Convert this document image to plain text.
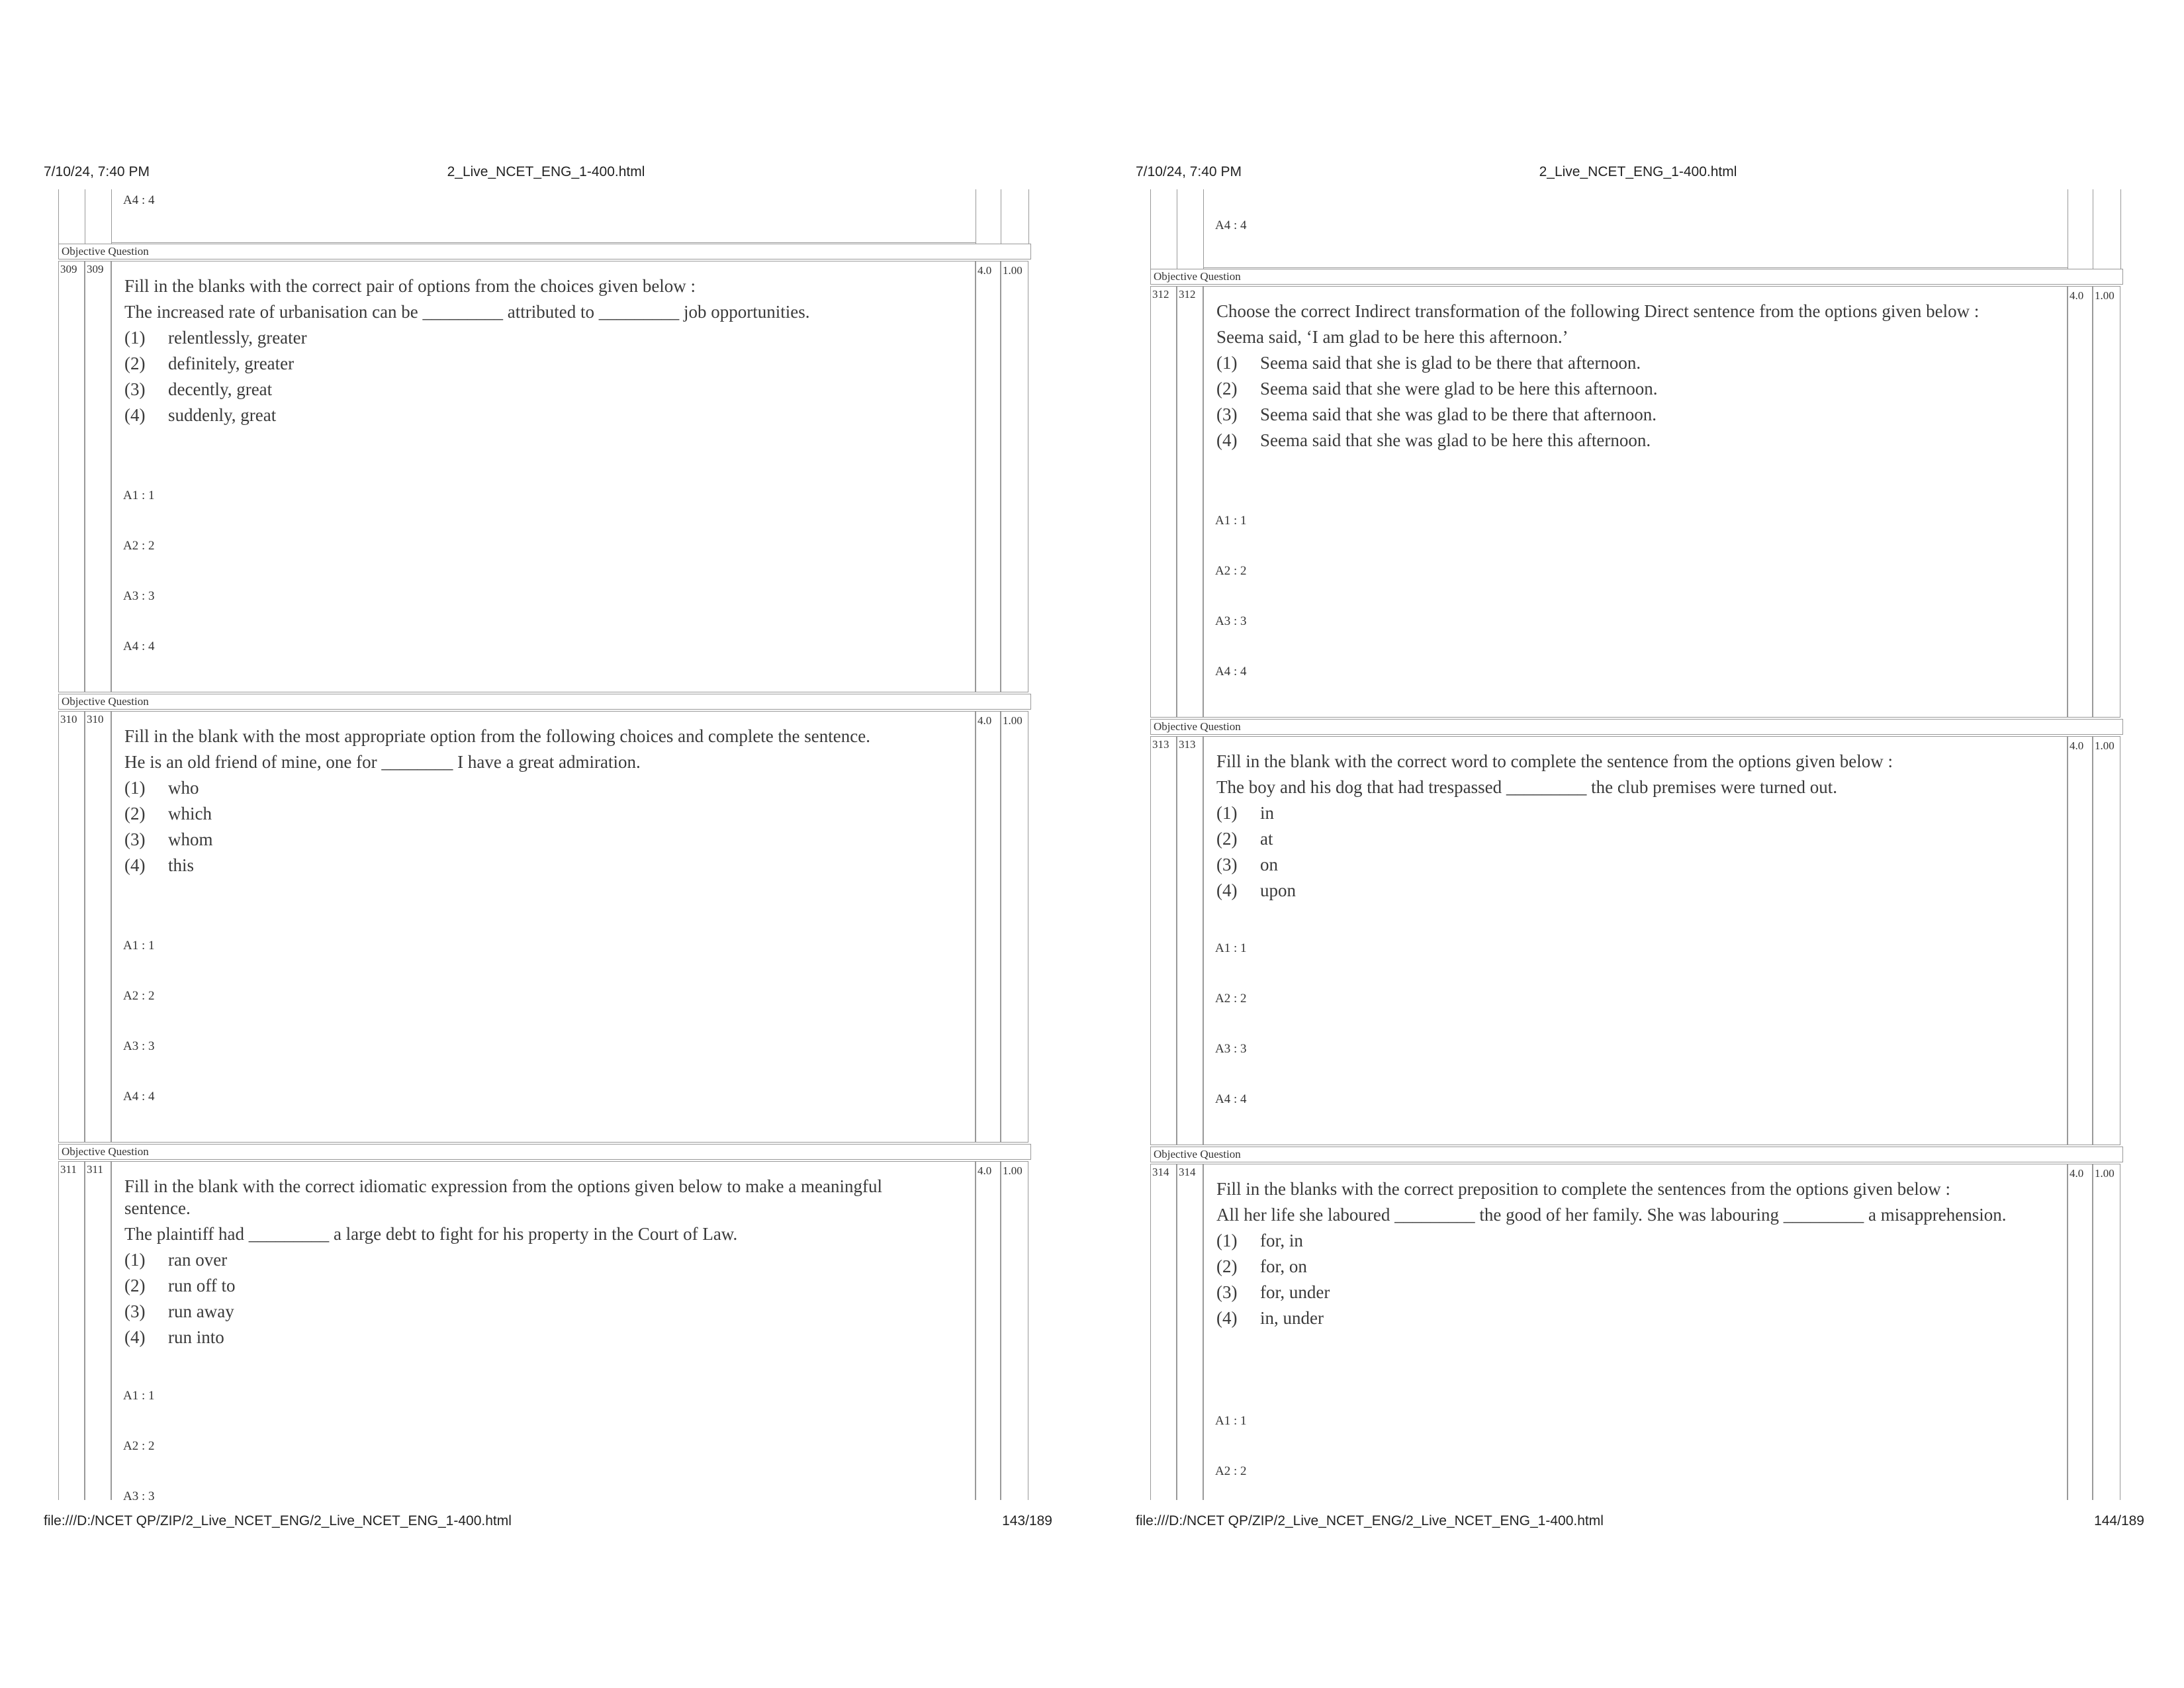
7/10/24, 7:40 PM	2_Live_NCET_ENG_1-400.html
A4 : 4
Objective Question
309 309	4.0 1.00

Fill in the blanks with the correct pair of options from the choices given below :

The increased rate of urbanisation can be _________ attributed to _________ job opportunities.

(1)	relentlessly, greater
(2)	definitely, greater
(3)	decently, great
(4)	suddenly, great
A1 : 1
A2 : 2
A3 : 3
A4 : 4
Objective Question
310 310	4.0 1.00

Fill in the blank with the most appropriate option from the following choices and complete the sentence.

He is an old friend of mine, one for ________ I have a great admiration.

(1)	who
(2)	which
(3)	whom
(4)	this
A1 : 1
A2 : 2
A3 : 3
A4 : 4
Objective Question
311 311	4.0 1.00

Fill in the blank with the correct idiomatic expression from the options given below to make a meaningful sentence.

The plaintiff had _________ a large debt to fight for his property in the Court of Law.

(1)	ran over
(2)	run off to
(3)	run away
(4)	run into
A1 : 1
A2 : 2
A3 : 3
file:///D:/NCET QP/ZIP/2_Live_NCET_ENG/2_Live_NCET_ENG_1-400.html	143/189
7/10/24, 7:40 PM	2_Live_NCET_ENG_1-400.html
A4 : 4
Objective Question
312 312	4.0 1.00

Choose the correct Indirect transformation of the following Direct sentence from the options given below :

Seema said, ‘I am glad to be here this afternoon.’

(1)	Seema said that she is glad to be there that afternoon.
(2)	Seema said that she were glad to be here this afternoon.
(3)	Seema said that she was glad to be there that afternoon.
(4)	Seema said that she was glad to be here this afternoon.
A1 : 1
A2 : 2
A3 : 3
A4 : 4
Objective Question
313 313	4.0 1.00

Fill in the blank with the correct word to complete the sentence from the options given below :

The boy and his dog that had trespassed _________ the club premises were turned out.

(1)	in
(2)	at
(3)	on
(4)	upon
A1 : 1
A2 : 2
A3 : 3
A4 : 4
Objective Question
314 314	4.0 1.00

Fill in the blanks with the correct preposition to complete the sentences from the options given below :

All her life she laboured _________ the good of her family. She was labouring _________ a misapprehension.

(1)	for, in
(2)	for, on
(3)	for, under
(4)	in, under
A1 : 1
A2 : 2
file:///D:/NCET QP/ZIP/2_Live_NCET_ENG/2_Live_NCET_ENG_1-400.html	144/189
